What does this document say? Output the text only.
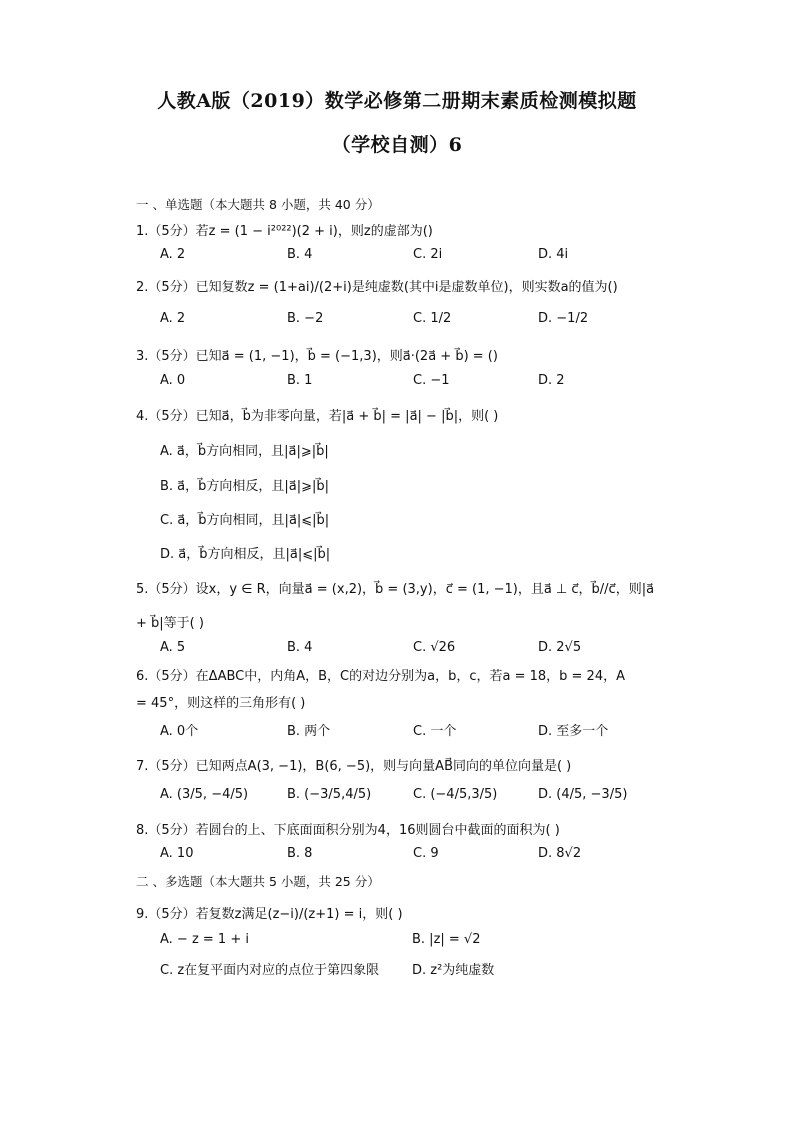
人教A版（2019）数学必修第二册期末素质检测模拟题
（学校自测）6
一 、单选题（本大题共 8 小题，共 40 分）
1.（5分）若z = (1 − i²⁰²²)(2 + i)，则z的虚部为()
A. 2	B. 4	C. 2i	D. 4i
2.（5分）已知复数z = (1+ai)/(2+i)是纯虚数(其中i是虚数单位)，则实数a的值为()
A. 2	B. −2	C. 1/2	D. −1/2
3.（5分）已知a⃗ = (1, −1)，b⃗ = (−1,3)，则a⃗·(2a⃗ + b⃗) = ()
A. 0	B. 1	C. −1	D. 2
4.（5分）已知a⃗，b⃗为非零向量，若|a⃗ + b⃗| = |a⃗| − |b⃗|，则( )
A. a⃗，b⃗方向相同，且|a⃗|⩾|b⃗|
B. a⃗，b⃗方向相反，且|a⃗|⩾|b⃗|
C. a⃗，b⃗方向相同，且|a⃗|⩽|b⃗|
D. a⃗，b⃗方向相反，且|a⃗|⩽|b⃗|
5.（5分）设x，y ∈ R，向量a⃗ = (x,2)，b⃗ = (3,y)，c⃗ = (1, −1)，且a⃗ ⊥ c⃗，b⃗//c⃗，则|a⃗
+ b⃗|等于( )
A. 5	B. 4	C. √26	D. 2√5
6.（5分）在ΔABC中，内角A，B，C的对边分别为a，b，c，若a = 18，b = 24，A
= 45°，则这样的三角形有( )
A. 0个	B. 两个	C. 一个	D. 至多一个
7.（5分）已知两点A(3, −1)，B(6, −5)，则与向量AB⃗同向的单位向量是( )
A. (3/5, −4/5)	B. (−3/5,4/5)	C. (−4/5,3/5)	D. (4/5, −3/5)
8.（5分）若圆台的上、下底面面积分别为4，16则圆台中截面的面积为( )
A. 10	B. 8	C. 9	D. 8√2
二 、多选题（本大题共 5 小题，共 25 分）
9.（5分）若复数z满足(z−i)/(z+1) = i，则( )
A. − z = 1 + i	B. |z| = √2
C. z在复平面内对应的点位于第四象限	D. z²为纯虚数
